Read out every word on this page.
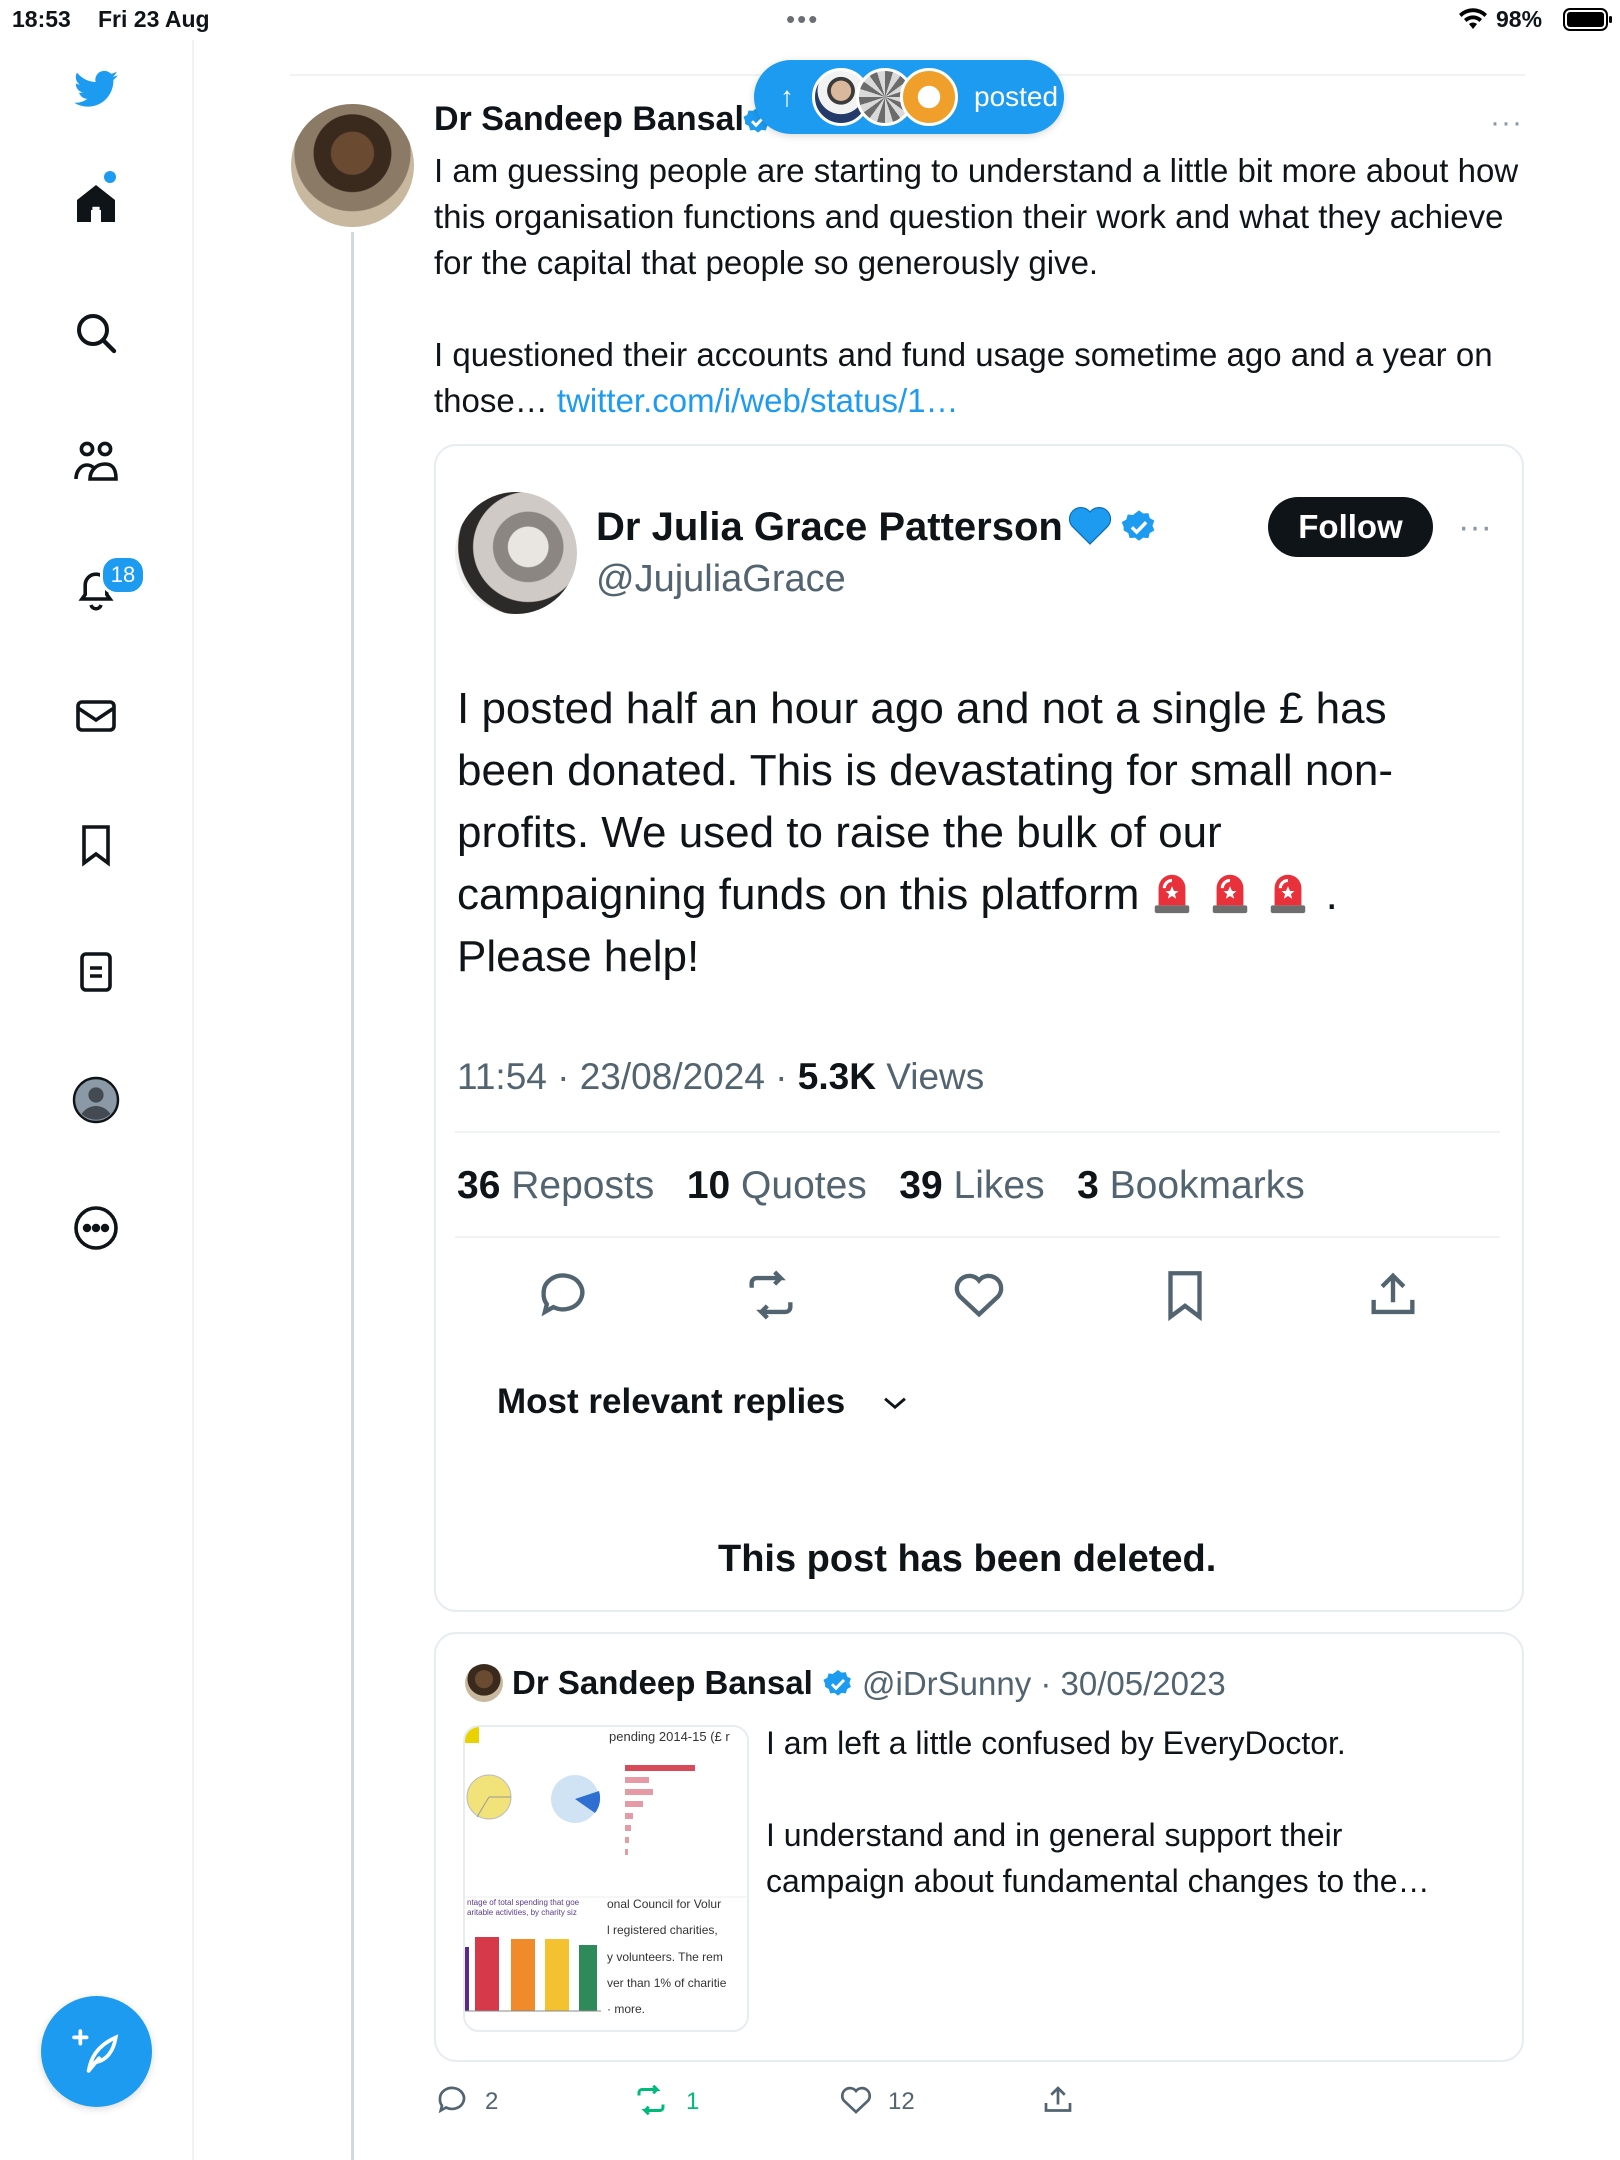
18:53 Fri 23 Aug	•••	98%
18
Dr Sandeep Bansal	···
I am guessing people are starting to understand a little bit more about how this organisation functions and question their work and what they achieve for the capital that people so generously give.

I questioned their accounts and fund usage sometime ago and a year on those… twitter.com/i/web/status/1…
↑	posted
Dr Julia Grace Patterson
@JujuliaGrace
Follow	···
I posted half an hour ago and not a single £ has been donated. This is devastating for small non-profits. We used to raise the bulk of our campaigning funds on this platform	.
Please help!
11:54 · 23/08/2024 · 5.3K Views
36 Reposts 10 Quotes 39 Likes 3 Bookmarks
Most relevant replies
This post has been deleted.
Dr Sandeep Bansal @iDrSunny · 30/05/2023
pending 2014-15 (£ r
ntage of total spending that goe
aritable activities, by charity siz
onal Council for Volur
l registered charities,
y volunteers. The rem
ver than 1% of charitie
· more.
I am left a little confused by EveryDoctor.

I understand and in general support their campaign about fundamental changes to the…
2	1	12
